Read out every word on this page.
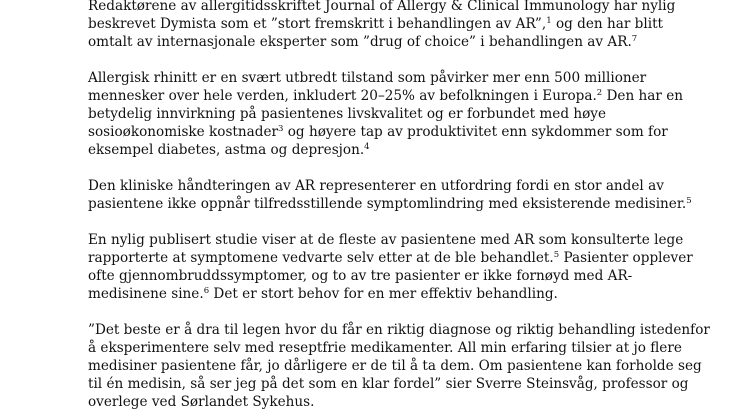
Redaktørene av allergitidsskriftet Journal of Allergy & Clinical Immunology har nylig
beskrevet Dymista som et ”stort fremskritt i behandlingen av AR”,$^1$ og den har blitt
omtalt av internasjonale eksperter som ”drug of choice” i behandlingen av AR.$^7$

Allergisk rhinitt er en svært utbredt tilstand som påvirker mer enn 500 millioner
mennesker over hele verden, inkludert 20–25% av befolkningen i Europa.$^2$ Den har en
betydelig innvirkning på pasientenes livskvalitet og er forbundet med høye
sosioøkonomiske kostnader$^3$ og høyere tap av produktivitet enn sykdommer som for
eksempel diabetes, astma og depresjon.$^4$

Den kliniske håndteringen av AR representerer en utfordring fordi en stor andel av
pasientene ikke oppnår tilfredsstillende symptomlindring med eksisterende medisiner.$^5$

En nylig publisert studie viser at de fleste av pasientene med AR som konsulterte lege
rapporterte at symptomene vedvarte selv etter at de ble behandlet.$^5$ Pasienter opplever
ofte gjennombruddssymptomer, og to av tre pasienter er ikke fornøyd med AR-
medisinene sine.$^6$ Det er stort behov for en mer effektiv behandling.

”Det beste er å dra til legen hvor du får en riktig diagnose og riktig behandling istedenfor
å eksperimentere selv med reseptfrie medikamenter. All min erfaring tilsier at jo flere
medisiner pasientene får, jo dårligere er de til å ta dem. Om pasientene kan forholde seg
til én medisin, så ser jeg på det som en klar fordel” sier Sverre Steinsvåg, professor og
overlege ved Sørlandet Sykehus.
